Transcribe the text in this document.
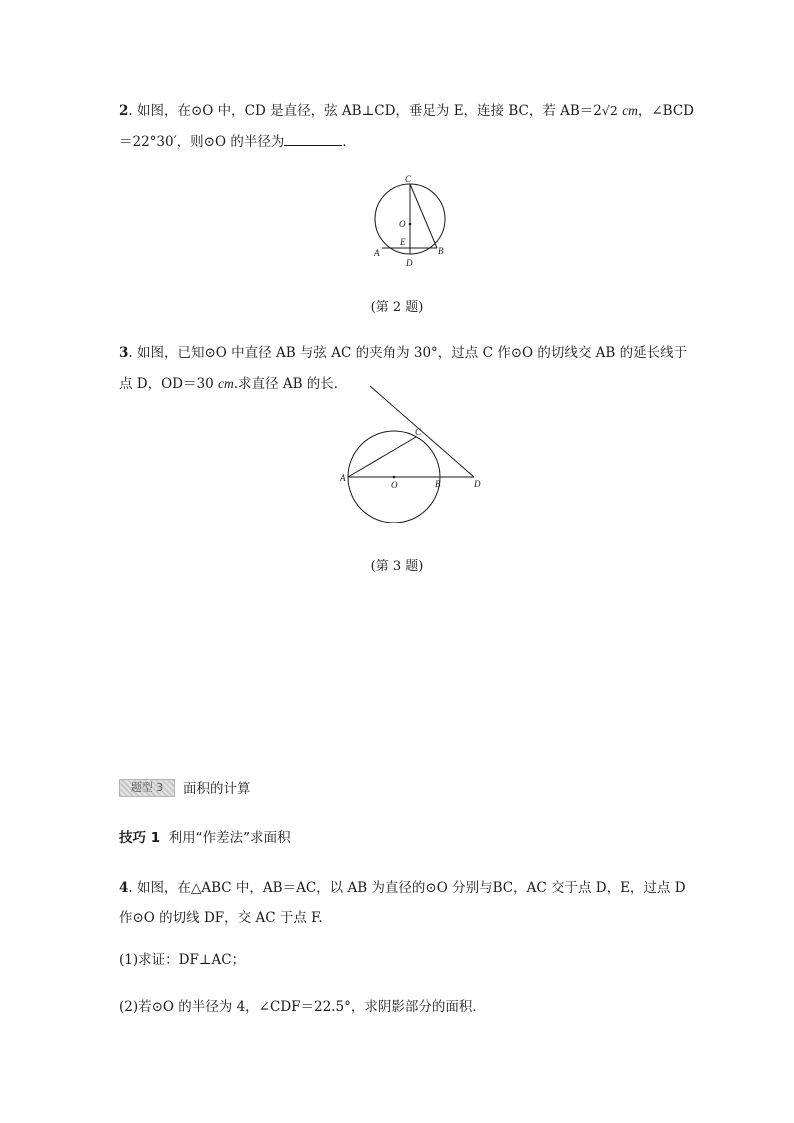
2. 如图，在⊙O 中，CD 是直径，弦 AB⊥CD，垂足为 E，连接 BC，若 AB＝2√2 cm，∠BCD
＝22°30′，则⊙O 的半径为	．
C
O
E
A	B
D
(第 2 题)
3. 如图，已知⊙O 中直径 AB 与弦 AC 的夹角为 30°，过点 C 作⊙O 的切线交 AB 的延长线于
点 D，OD＝30 cm.求直径 AB 的长．
A
O	B
C
D
(第 3 题)
题型 3	面积的计算
技巧 1 利用“作差法”求面积
4. 如图，在△ABC 中，AB＝AC，以 AB 为直径的⊙O 分别与BC，AC 交于点 D，E，过点 D
作⊙O 的切线 DF，交 AC 于点 F.
(1)求证：DF⊥AC；
(2)若⊙O 的半径为 4，∠CDF＝22.5°，求阴影部分的面积．
